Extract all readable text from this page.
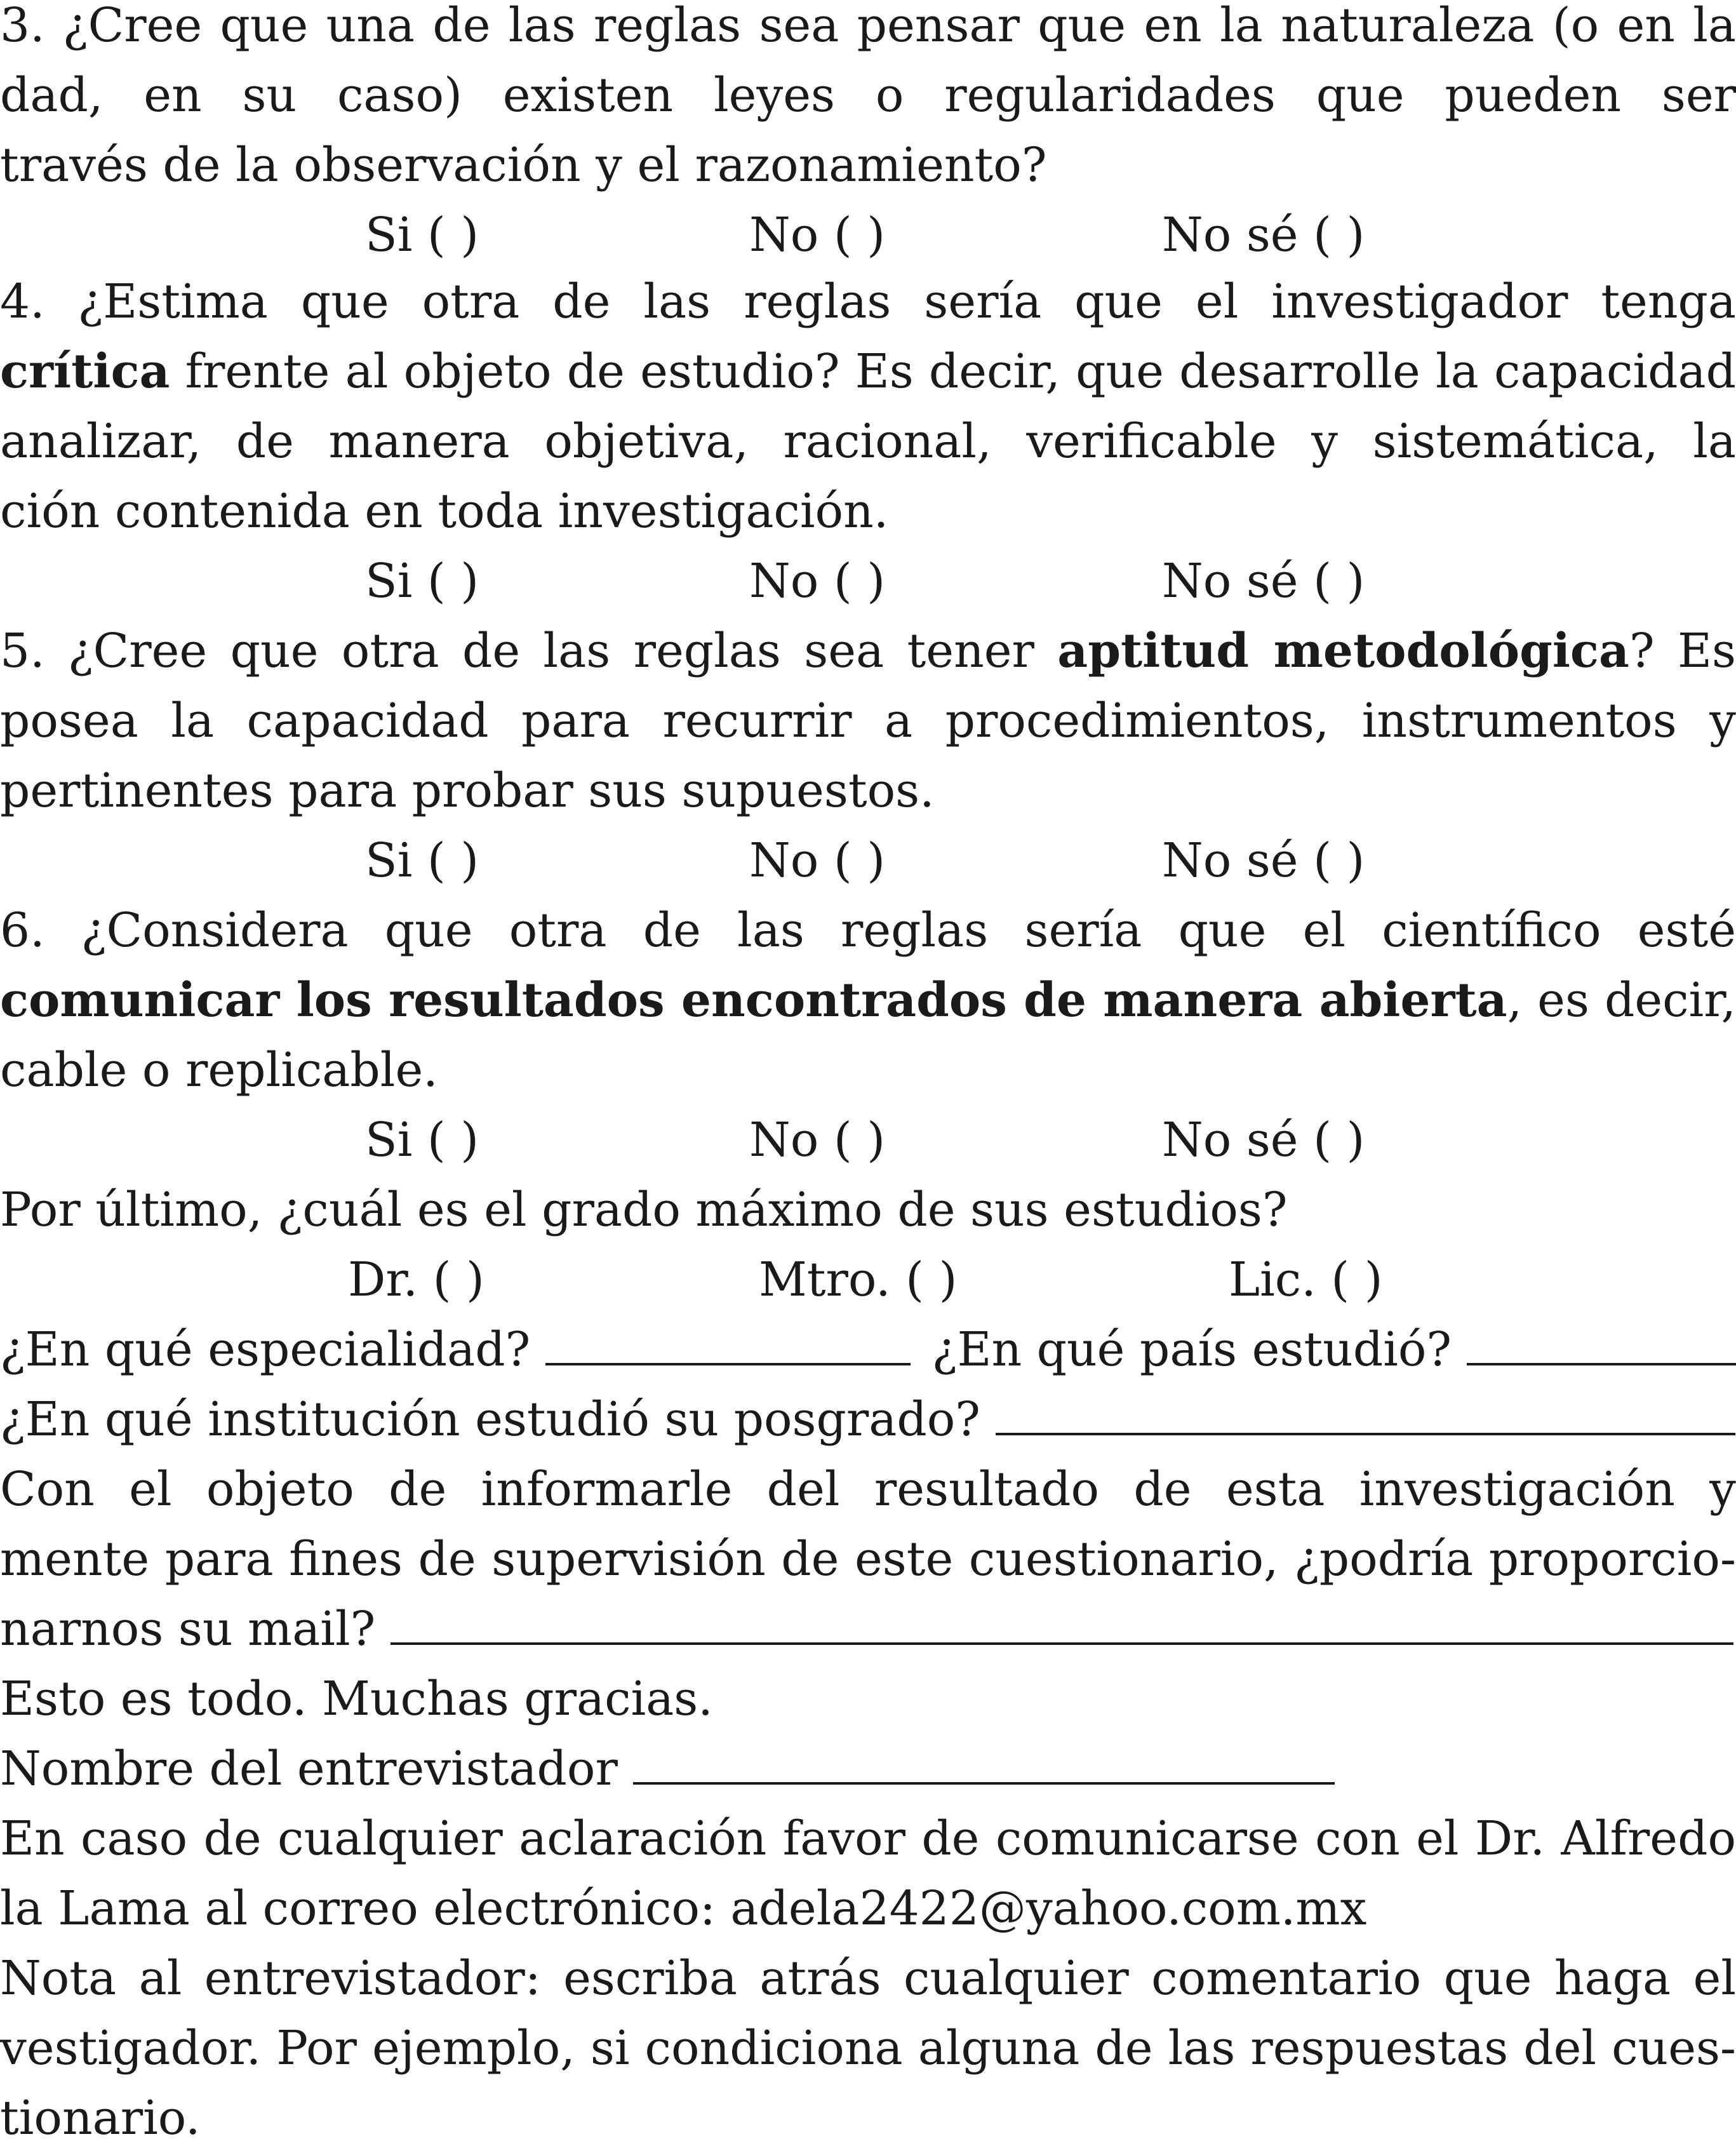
3. ¿Cree que una de las reglas sea pensar que en la naturaleza (o en la
dad, en su caso) existen leyes o regularidades que pueden ser
través de la observación y el razonamiento?
Si ( )	No ( )	No sé ( )
4. ¿Estima que otra de las reglas sería que el investigador tenga
crítica frente al objeto de estudio? Es decir, que desarrolle la capacidad
analizar, de manera objetiva, racional, verificable y sistemática, la
ción contenida en toda investigación.
Si ( )	No ( )	No sé ( )
5. ¿Cree que otra de las reglas sea tener aptitud metodológica? Es
posea la capacidad para recurrir a procedimientos, instrumentos y
pertinentes para probar sus supuestos.
Si ( )	No ( )	No sé ( )
6. ¿Considera que otra de las reglas sería que el científico esté
comunicar los resultados encontrados de manera abierta, es decir,
cable o replicable.
Si ( )	No ( )	No sé ( )
Por último, ¿cuál es el grado máximo de sus estudios?
Dr. ( )	Mtro. ( )	Lic. ( )
¿En qué especialidad?	¿En qué país estudió?
¿En qué institución estudió su posgrado?
Con el objeto de informarle del resultado de esta investigación y
mente para fines de supervisión de este cuestionario, ¿podría proporcio-
narnos su mail?
Esto es todo. Muchas gracias.
Nombre del entrevistador
En caso de cualquier aclaración favor de comunicarse con el Dr. Alfredo
la Lama al correo electrónico: adela2422@yahoo.com.mx
Nota al entrevistador: escriba atrás cualquier comentario que haga el
vestigador. Por ejemplo, si condiciona alguna de las respuestas del cues-
tionario.
